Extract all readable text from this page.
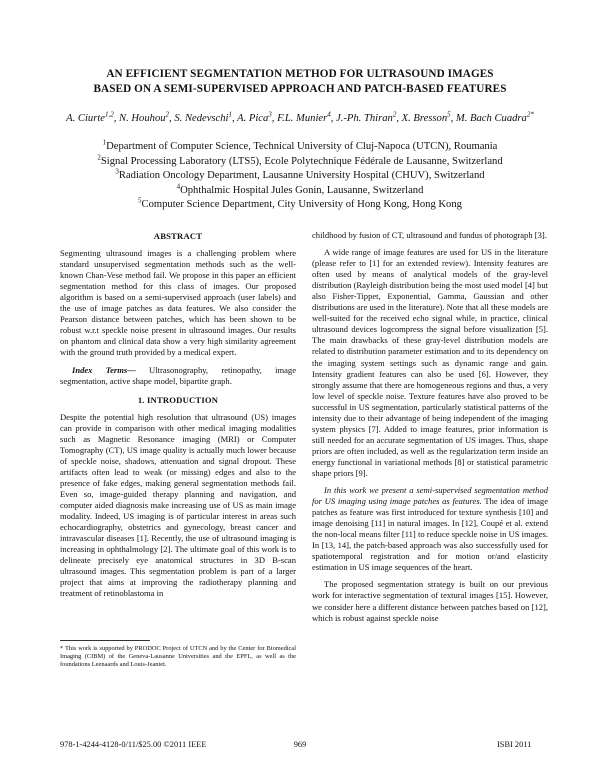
AN EFFICIENT SEGMENTATION METHOD FOR ULTRASOUND IMAGES
BASED ON A SEMI-SUPERVISED APPROACH AND PATCH-BASED FEATURES
A. Ciurte$^{1,2}$, N. Houhou$^2$, S. Nedevschi$^1$, A. Pica$^3$, F.L. Munier$^4$, J.-Ph. Thiran$^2$, X. Bresson$^5$, M. Bach Cuadra$^{2*}$
$^1$Department of Computer Science, Technical University of Cluj-Napoca (UTCN), Roumania
$^2$Signal Processing Laboratory (LTS5), Ecole Polytechnique Fédérale de Lausanne, Switzerland
$^3$Radiation Oncology Department, Lausanne University Hospital (CHUV), Switzerland
$^4$Ophthalmic Hospital Jules Gonin, Lausanne, Switzerland
$^5$Computer Science Department, City University of Hong Kong, Hong Kong
ABSTRACT

Segmenting ultrasound images is a challenging problem where standard unsupervised segmentation methods such as the well-known Chan-Vese method fail. We propose in this paper an efficient segmentation method for this class of images. Our proposed algorithm is based on a semi-supervised approach (user labels) and the use of image patches as data features. We also consider the Pearson distance between patches, which has been shown to be robust w.r.t speckle noise present in ultrasound images. Our results on phantom and clinical data show a very high similarity agreement with the ground truth provided by a medical expert.

Index Terms— Ultrasonography, retinopathy, image segmentation, active shape model, bipartite graph.

1. INTRODUCTION

Despite the potential high resolution that ultrasound (US) images can provide in comparison with other medical imaging modalities such as Magnetic Resonance imaging (MRI) or Computer Tomography (CT), US image quality is actually much lower because of speckle noise, shadows, attenuation and signal dropout. These artifacts often lead to weak (or missing) edges and also to the presence of fake edges, making general segmentation methods fail. Even so, image-guided therapy planning and navigation, and computer aided diagnosis make increasing use of US as main image modality. Indeed, US imaging is of particular interest in areas such echocardiography, obstetrics and gynecology, breast cancer and intravascular diseases [1]. Recently, the use of ultrasound imaging is increasing in ophthalmology [2]. The ultimate goal of this work is to delineate precisely eye anatomical structures in 3D B-scan ultrasound images. This segmentation problem is part of a larger project that aims at improving the radiotherapy planning and treatment of retinoblastoma in

childhood by fusion of CT, ultrasound and fundus of photograph [3].

A wide range of image features are used for US in the literature (please refer to [1] for an extended review). Intensity features are often used by means of analytical models of the gray-level distribution (Rayleigh distribution being the most used model [4] but also Fisher-Tippet, Exponential, Gamma, Gaussian and other distributions are used in the literature). Note that all these models are well-suited for the received echo signal while, in practice, clinical ultrasound devices logcompress the signal before visualization [5]. The main drawbacks of these gray-level distribution models are related to distribution parameter estimation and to its dependency on the imaging system settings such as dynamic range and gain. Intensity gradient features can also be used [6]. However, they strongly assume that there are homogeneous regions and thus, a very low level of speckle noise. Texture features have also proved to be successful in US segmentation, particularly statistical patterns of the intensity due to their advantage of being independent of the imaging system physics [7]. Added to image features, prior information is still needed for an accurate segmentation of US images. Thus, shape priors are often included, as well as the regularization term inside an energy functional in variational methods [8] or statistical parametric shape priors [9].

In this work we present a semi-supervised segmentation method for US imaging using image patches as features. The idea of image patches as feature was first introduced for texture synthesis [10] and image denoising [11] in natural images. In [12], Coupé et al. extend the non-local means filter [11] to reduce speckle noise in US images. In [13, 14], the patch-based approach was also successfully used for spatiotemporal registration and for motion or/and elasticity estimation in US image sequences of the heart.

The proposed segmentation strategy is built on our previous work for interactive segmentation of textural images [15]. However, we consider here a different distance between patches based on [12], which is robust against speckle noise

* This work is supported by PRODOC Project of UTCN and by the Center for Biomedical Imaging (CIBM) of the Geneva-Lausanne Universities and the EPFL, as well as the foundations Leenaards and Louis-Jeantet.
978-1-4244-4128-0/11/$25.00 ©2011 IEEE	969	ISBI 2011
